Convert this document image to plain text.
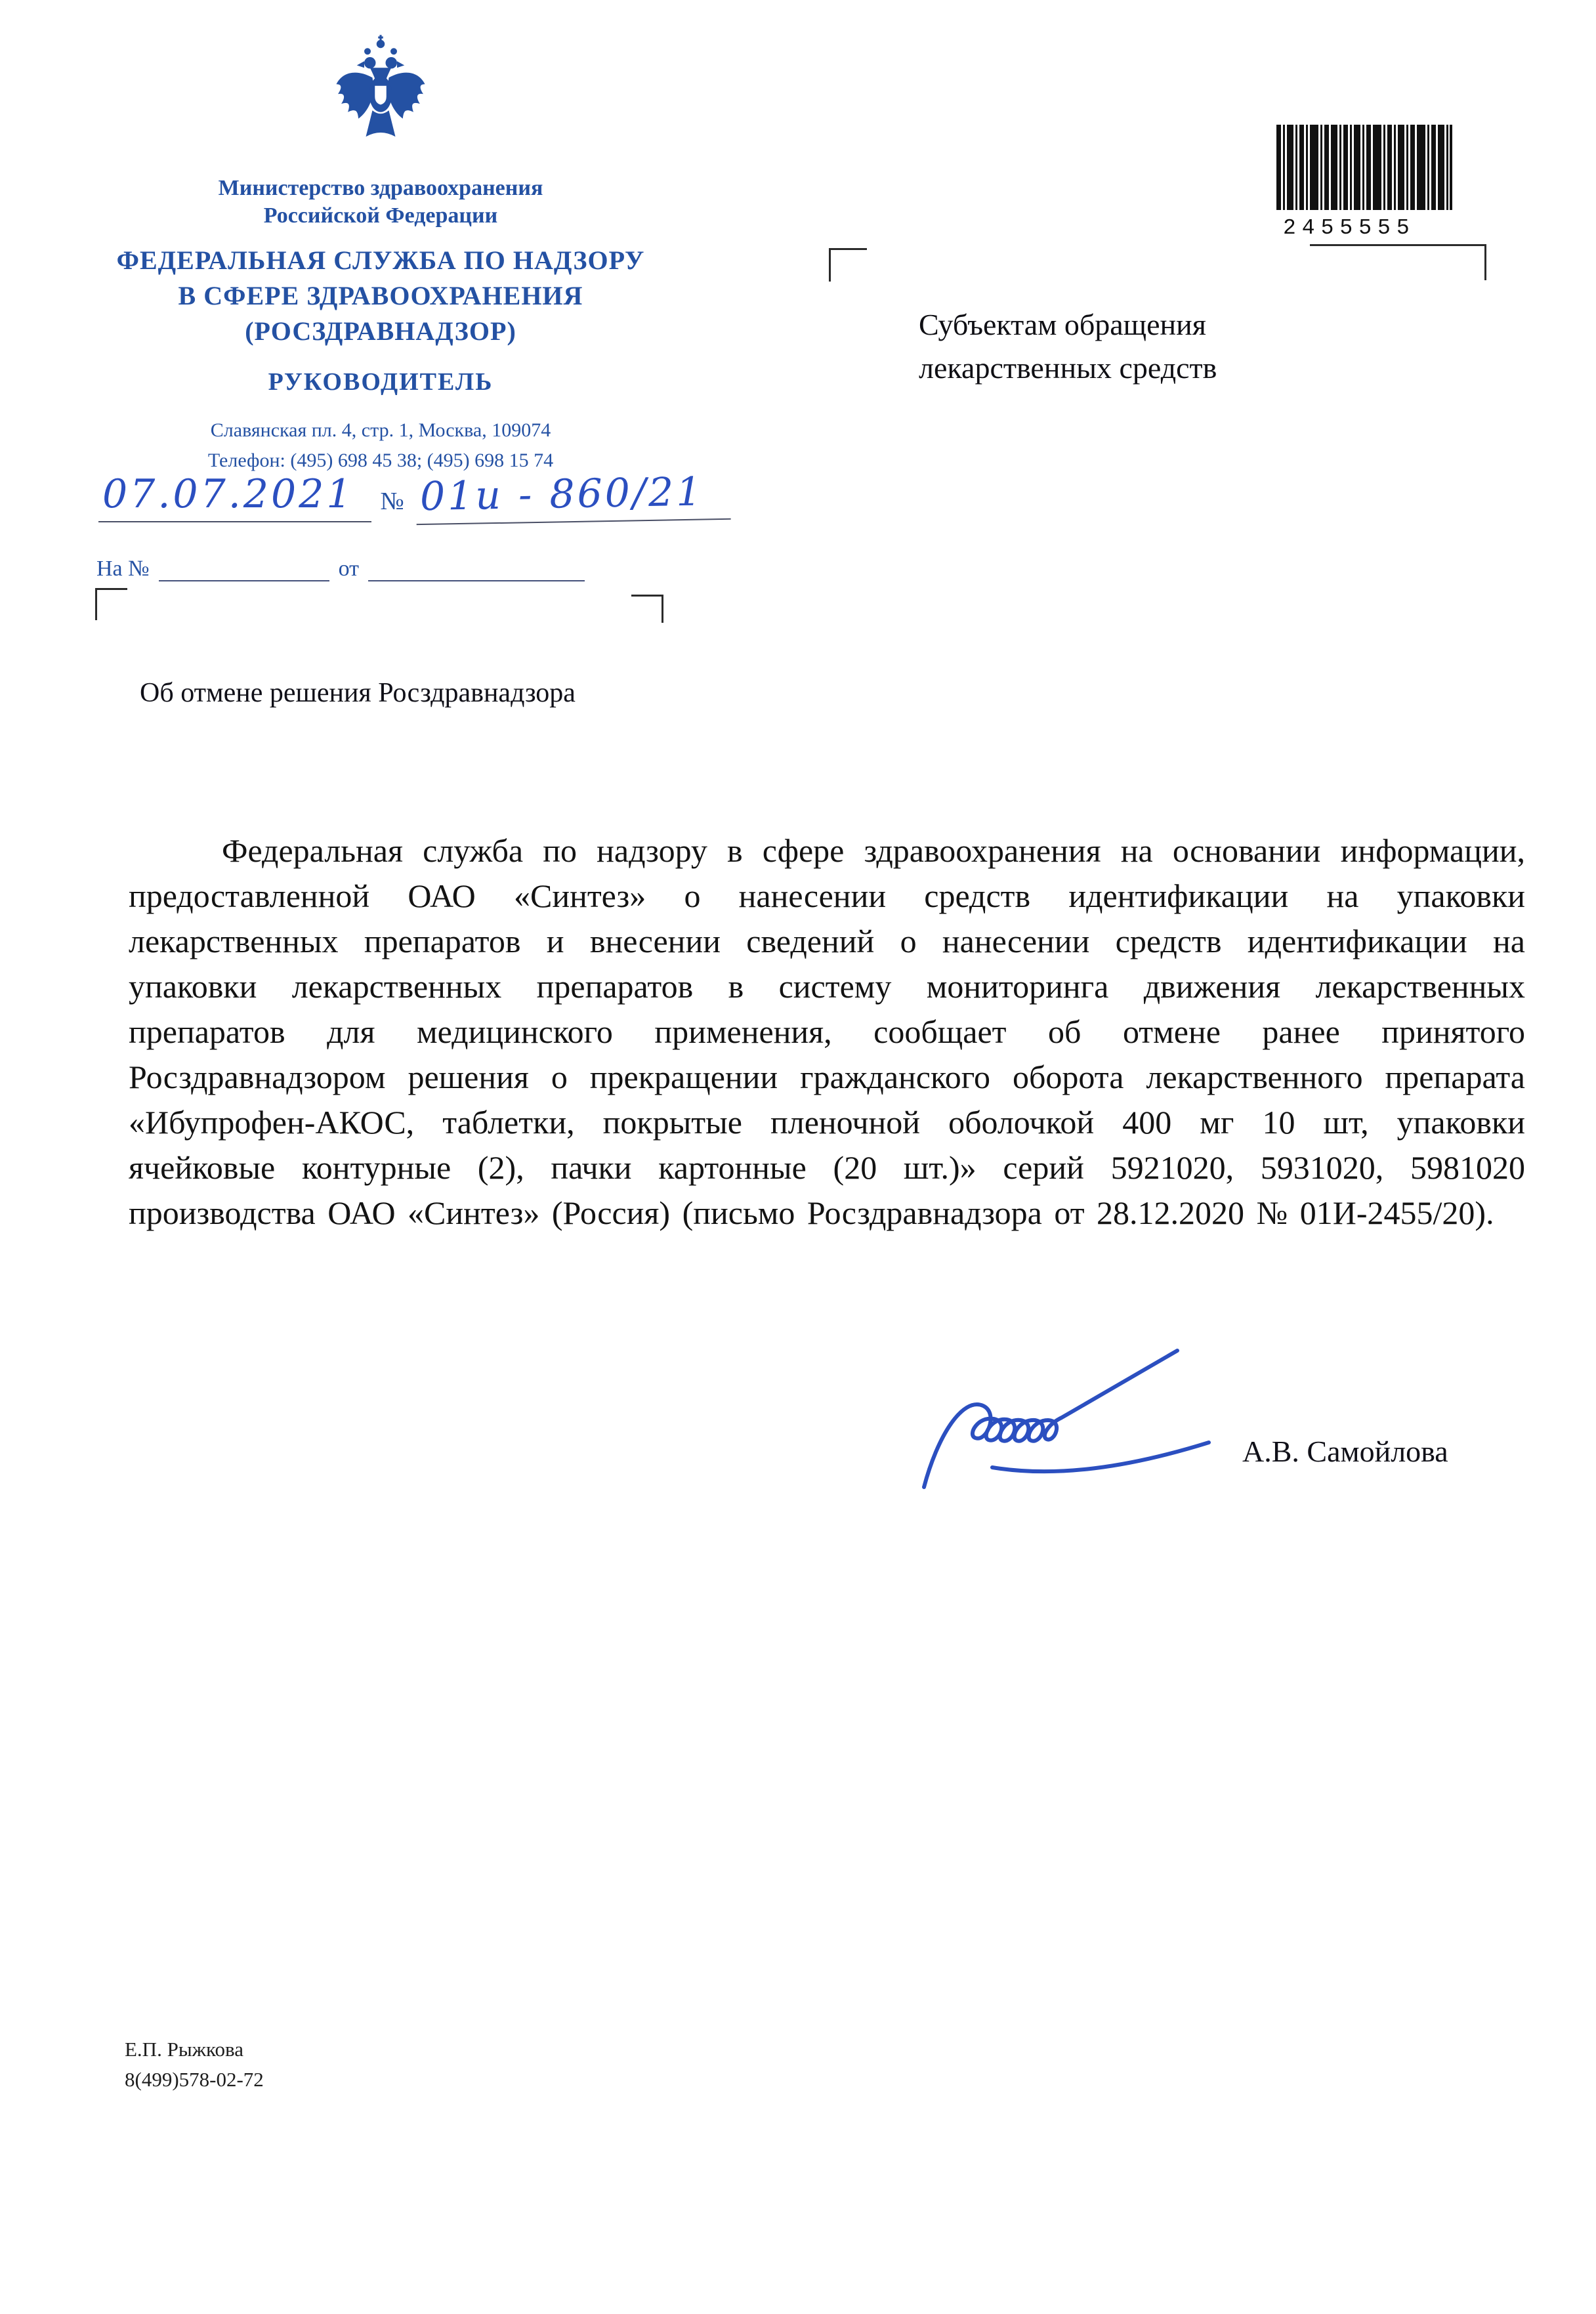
Министерство здравоохранения
Российской Федерации
ФЕДЕРАЛЬНАЯ СЛУЖБА ПО НАДЗОРУ
В СФЕРЕ ЗДРАВООХРАНЕНИЯ
(РОСЗДРАВНАДЗОР)
РУКОВОДИТЕЛЬ
Славянская пл. 4, стр. 1, Москва, 109074
Телефон: (495) 698 45 38; (495) 698 15 74
07.07.2021	№ 01и - 860/21
На №	от
2455555
Субъектам обращения
лекарственных средств
Об отмене решения Росздравнадзора

Федеральная служба по надзору в сфере здравоохранения на основании информации, предоставленной ОАО «Синтез» о нанесении средств идентификации на упаковки лекарственных препаратов и внесении сведений о нанесении средств идентификации на упаковки лекарственных препаратов в систему мониторинга движения лекарственных препаратов для медицинского применения, сообщает об отмене ранее принятого Росздравнадзором решения о прекращении гражданского оборота лекарственного препарата «Ибупрофен-АКОС, таблетки, покрытые пленочной оболочкой 400 мг 10 шт, упаковки ячейковые контурные (2), пачки картонные (20 шт.)» серий 5921020, 5931020, 5981020 производства ОАО «Синтез» (Россия) (письмо Росздравнадзора от 28.12.2020 № 01И-2455/20).

А.В. Самойлова
Е.П. Рыжкова
8(499)578-02-72
